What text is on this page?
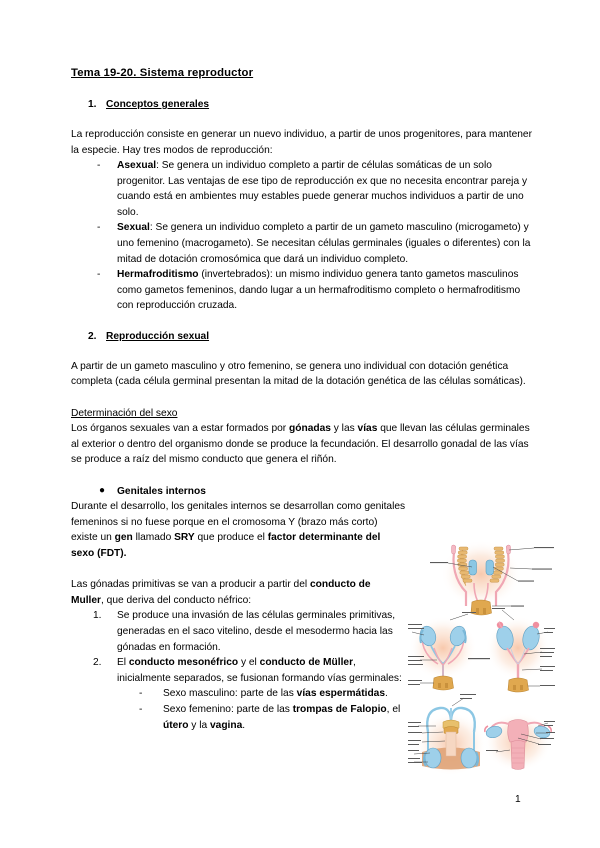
Tema 19-20. Sistema reproductor
1. Conceptos generales

La reproducción consiste en generar un nuevo individuo, a partir de unos progenitores, para mantener la especie. Hay tres modos de reproducción:

- Asexual: Se genera un individuo completo a partir de células somáticas de un solo progenitor. Las ventajas de ese tipo de reproducción ex que no necesita encontrar pareja y cuando está en ambientes muy estables puede generar muchos individuos a partir de uno solo.
- Sexual: Se genera un individuo completo a partir de un gameto masculino (microgameto) y uno femenino (macrogameto). Se necesitan células germinales (iguales o diferentes) con la mitad de dotación cromosómica que dará un individuo completo.
- Hermafroditismo (invertebrados): un mismo individuo genera tanto gametos masculinos como gametos femeninos, dando lugar a un hermafroditismo completo o hermafroditismo con reproducción cruzada.
2. Reproducción sexual

A partir de un gameto masculino y otro femenino, se genera uno individual con dotación genética completa (cada célula germinal presentan la mitad de la dotación genética de las células somáticas).

Determinación del sexo

Los órganos sexuales van a estar formados por gónadas y las vías que llevan las células germinales al exterior o dentro del organismo donde se produce la fecundación. El desarrollo gonadal de las vías se produce a raíz del mismo conducto que genera el riñón.

● Genitales internos

Durante el desarrollo, los genitales internos se desarrollan como genitales femeninos si no fuese porque en el cromosoma Y (brazo más corto) existe un gen llamado SRY que produce el factor determinante del sexo (FDT).

Las gónadas primitivas se van a producir a partir del conducto de Muller, que deriva del conducto néfrico:

1. Se produce una invasión de las células germinales primitivas, generadas en el saco vitelino, desde el mesodermo hacia las gónadas en formación.
2. El conducto mesonéfrico y el conducto de Müller, inicialmente separados, se fusionan formando vías germinales:
- Sexo masculino: parte de las vías espermátidas.
- Sexo femenino: parte de las trompas de Falopio, el útero y la vagina.
1
